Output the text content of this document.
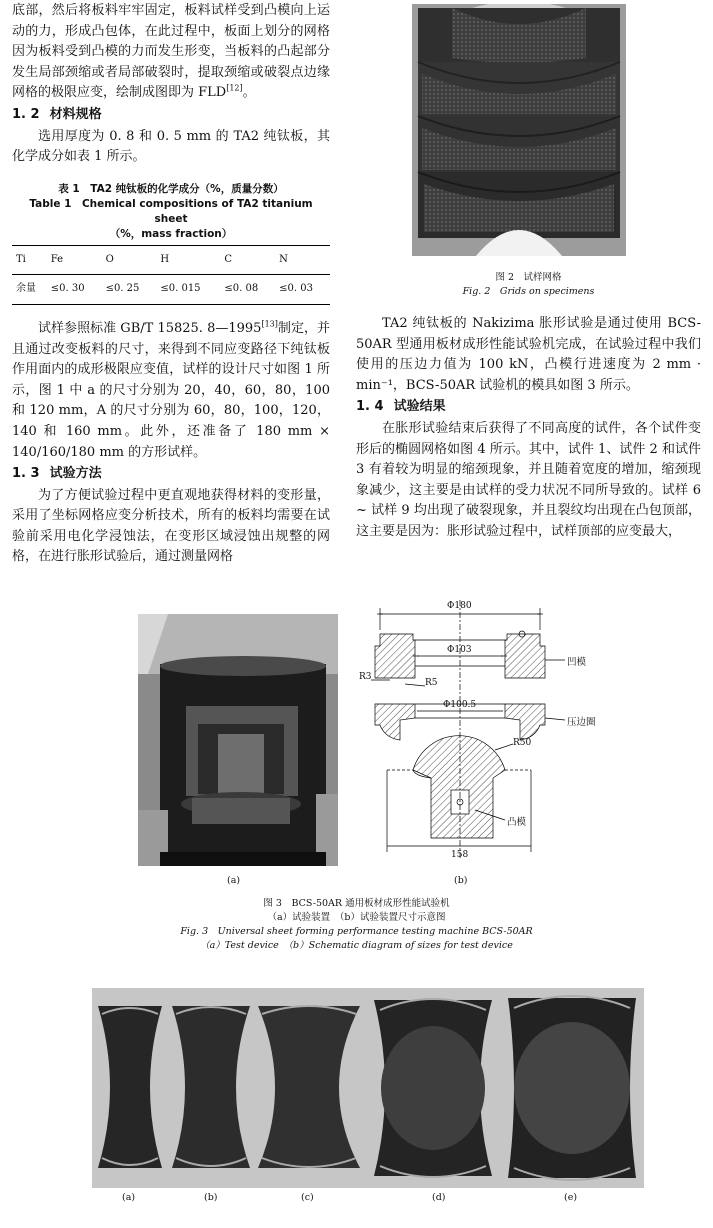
底部，然后将板料牢牢固定，板料试样受到凸模向上运动的力，形成凸包体，在此过程中，板面上划分的网格因为板料受到凸模的力而发生形变，当板料的凸起部分发生局部颈缩或者局部破裂时，提取颈缩或破裂点边缘网格的极限应变，绘制成图即为 FLD[12]。

1. 2 材料规格

选用厚度为 0. 8 和 0. 5 mm 的 TA2 纯钛板，其化学成分如表 1 所示。

表 1　TA2 纯钛板的化学成分（%，质量分数）
Table 1　Chemical compositions of TA2 titanium sheet
（%，mass fraction）
Ti	Fe	O	H	C	N
余量	≤0. 30	≤0. 25	≤0. 015	≤0. 08	≤0. 03

试样参照标准 GB/T 15825. 8—1995[13]制定，并且通过改变板料的尺寸，来得到不同应变路径下纯钛板作用面内的成形极限应变值，试样的设计尺寸如图 1 所示，图 1 中 a 的尺寸分别为 20，40，60，80，100 和 120 mm，A 的尺寸分别为 60，80，100，120，140 和 160 mm。此外，还准备了 180 mm × 140/160/180 mm 的方形试样。

1. 3 试验方法

为了方便试验过程中更直观地获得材料的变形量，采用了坐标网格应变分析技术，所有的板料均需要在试验前采用电化学浸蚀法，在变形区域浸蚀出规整的网格，在进行胀形试验后，通过测量网格

图 2　试样网格
Fig. 2　Grids on specimens

TA2 纯钛板的 Nakizima 胀形试验是通过使用 BCS-50AR 型通用板材成形性能试验机完成，在试验过程中我们使用的压边力值为 100 kN，凸模行进速度为 2 mm · min⁻¹，BCS-50AR 试验机的模具如图 3 所示。

1. 4 试验结果

在胀形试验结束后获得了不同高度的试件，各个试件变形后的椭圆网格如图 4 所示。其中，试件 1、试件 2 和试件 3 有着较为明显的缩颈现象，并且随着宽度的增加，缩颈现象减少，这主要是由试样的受力状况不同所导致的。试样 6 ~ 试样 9 均出现了破裂现象，并且裂纹均出现在凸包顶部，这主要是因为：胀形试验过程中，试样顶部的应变最大，

(a)
Φ180
Φ103
R3
R5
Φ100.5
R50
158
凹模
压边圈
凸模
(b)
图 3　BCS-50AR 通用板材成形性能试验机
（a）试验装置　（b）试验装置尺寸示意图
Fig. 3　Universal sheet forming performance testing machine BCS-50AR
（a）Test device　（b）Schematic diagram of sizes for test device
(a)	(b)	(c)	(d)	(e)
